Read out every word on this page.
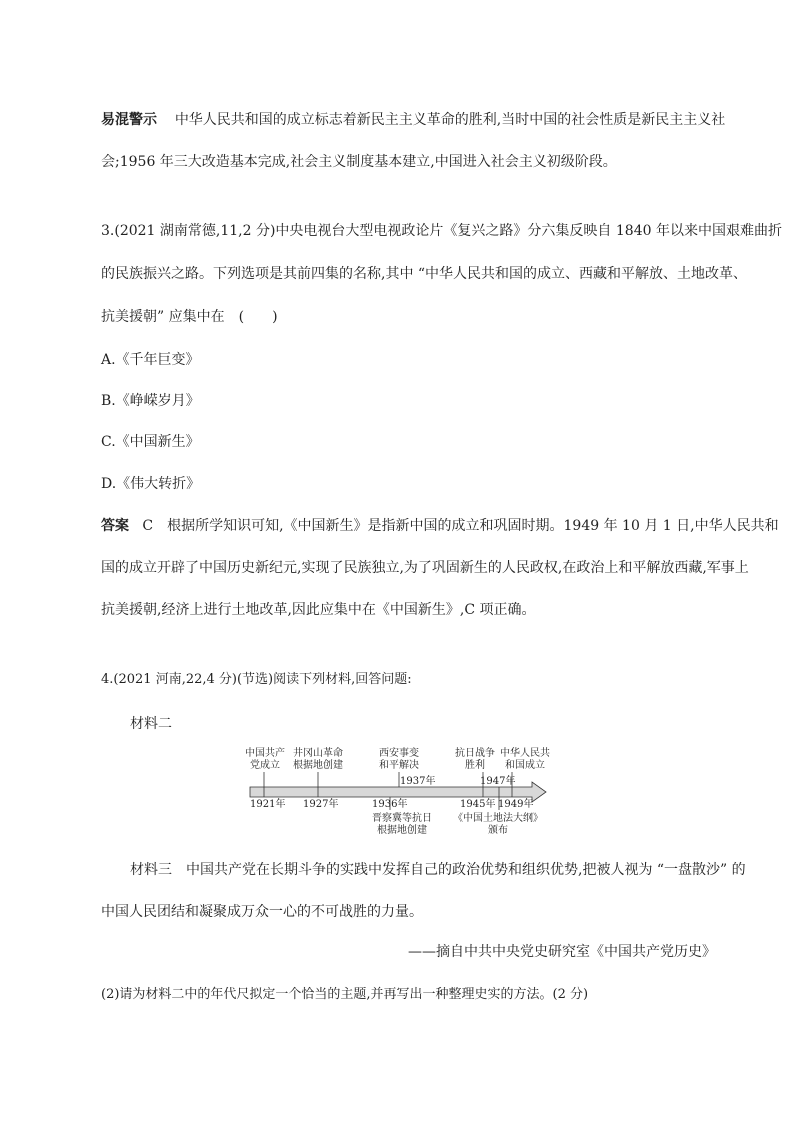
易混警示 中华人民共和国的成立标志着新民主主义革命的胜利,当时中国的社会性质是新民主主义社
会;1956 年三大改造基本完成,社会主义制度基本建立,中国进入社会主义初级阶段。
3.(2021 湖南常德,11,2 分)中央电视台大型电视政论片《复兴之路》分六集反映自 1840 年以来中国艰难曲折
的民族振兴之路。下列选项是其前四集的名称,其中 “中华人民共和国的成立、西藏和平解放、土地改革、
抗美援朝” 应集中在　(　　)
A.《千年巨变》
B.《峥嵘岁月》
C.《中国新生》
D.《伟大转折》
答案 C　根据所学知识可知,《中国新生》是指新中国的成立和巩固时期。1949 年 10 月 1 日,中华人民共和
国的成立开辟了中国历史新纪元,实现了民族独立,为了巩固新生的人民政权,在政治上和平解放西藏,军事上
抗美援朝,经济上进行土地改革,因此应集中在《中国新生》,C 项正确。
4.(2021 河南,22,4 分)(节选)阅读下列材料,回答问题:
材料二
中国共产
党成立
井冈山革命
根据地创建
西安事变
和平解决
抗日战争
胜利
中华人民共
和国成立
1937年	1947年
1921年 1927年	1936年	1945年 1949年
晋察冀等抗日
根据地创建
《中国土地法大纲》
颁布
材料三　中国共产党在长期斗争的实践中发挥自己的政治优势和组织优势,把被人视为 “一盘散沙” 的
中国人民团结和凝聚成万众一心的不可战胜的力量。
——摘自中共中央党史研究室《中国共产党历史》
(2)请为材料二中的年代尺拟定一个恰当的主题,并再写出一种整理史实的方法。(2 分)
